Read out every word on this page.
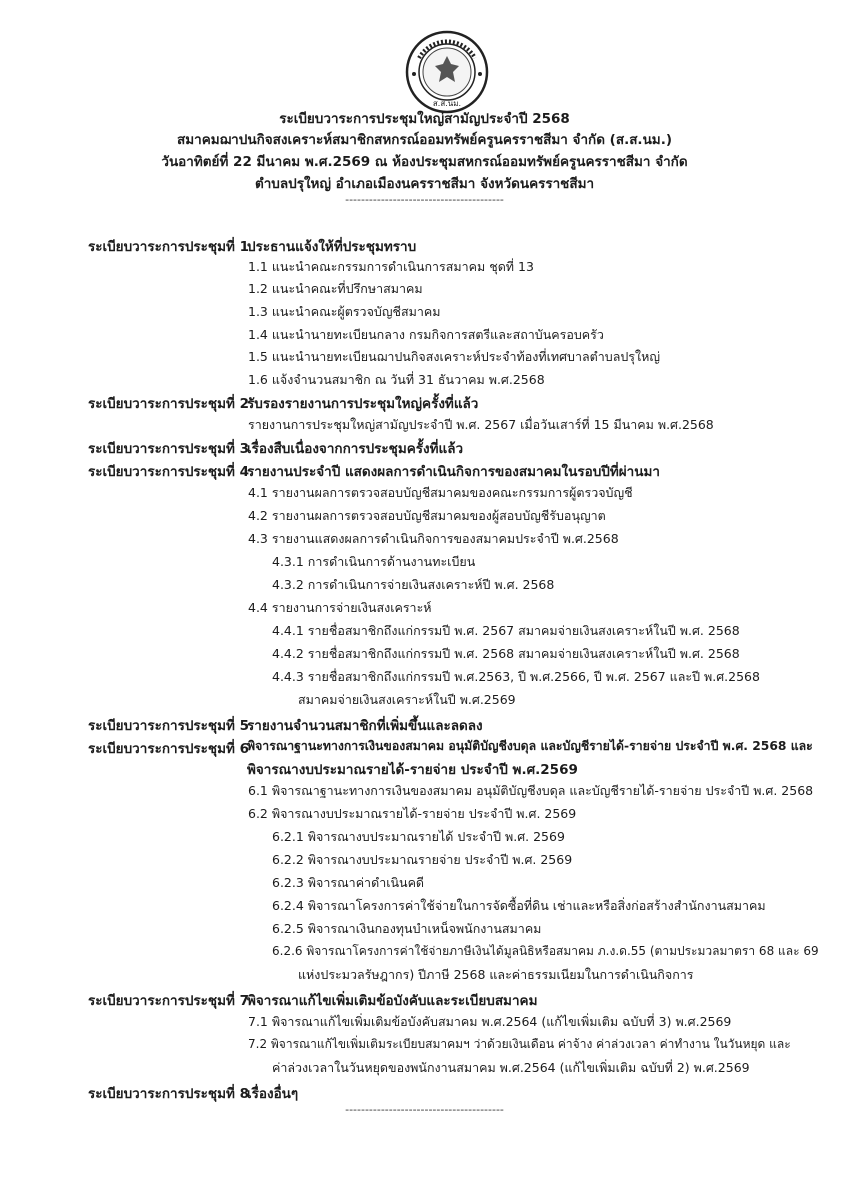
ส.ส.นม.
ระเบียบวาระการประชุมใหญ่สามัญประจำปี 2568
สมาคมฌาปนกิจสงเคราะห์สมาชิกสหกรณ์ออมทรัพย์ครูนครราชสีมา จำกัด (ส.ส.นม.)
วันอาทิตย์ที่ 22 มีนาคม พ.ศ.2569 ณ ห้องประชุมสหกรณ์ออมทรัพย์ครูนครราชสีมา จำกัด
ตำบลปรุใหญ่ อำเภอเมืองนครราชสีมา จังหวัดนครราชสีมา
----------------------------------------
ระเบียบวาระการประชุมที่ 1
ประธานแจ้งให้ที่ประชุมทราบ
1.1 แนะนำคณะกรรมการดำเนินการสมาคม ชุดที่ 13
1.2 แนะนำคณะที่ปรึกษาสมาคม
1.3 แนะนำคณะผู้ตรวจบัญชีสมาคม
1.4 แนะนำนายทะเบียนกลาง กรมกิจการสตรีและสถาบันครอบครัว
1.5 แนะนำนายทะเบียนฌาปนกิจสงเคราะห์ประจำท้องที่เทศบาลตำบลปรุใหญ่
1.6 แจ้งจำนวนสมาชิก ณ วันที่ 31 ธันวาคม พ.ศ.2568
ระเบียบวาระการประชุมที่ 2
รับรองรายงานการประชุมใหญ่ครั้งที่แล้ว
รายงานการประชุมใหญ่สามัญประจำปี พ.ศ. 2567 เมื่อวันเสาร์ที่ 15 มีนาคม พ.ศ.2568
ระเบียบวาระการประชุมที่ 3
เรื่องสืบเนื่องจากการประชุมครั้งที่แล้ว
ระเบียบวาระการประชุมที่ 4
รายงานประจำปี แสดงผลการดำเนินกิจการของสมาคมในรอบปีที่ผ่านมา
4.1 รายงานผลการตรวจสอบบัญชีสมาคมของคณะกรรมการผู้ตรวจบัญชี
4.2 รายงานผลการตรวจสอบบัญชีสมาคมของผู้สอบบัญชีรับอนุญาต
4.3 รายงานแสดงผลการดำเนินกิจการของสมาคมประจำปี พ.ศ.2568
4.3.1 การดำเนินการด้านงานทะเบียน
4.3.2 การดำเนินการจ่ายเงินสงเคราะห์ปี พ.ศ. 2568
4.4 รายงานการจ่ายเงินสงเคราะห์
4.4.1 รายชื่อสมาชิกถึงแก่กรรมปี พ.ศ. 2567 สมาคมจ่ายเงินสงเคราะห์ในปี พ.ศ. 2568
4.4.2 รายชื่อสมาชิกถึงแก่กรรมปี พ.ศ. 2568 สมาคมจ่ายเงินสงเคราะห์ในปี พ.ศ. 2568
4.4.3 รายชื่อสมาชิกถึงแก่กรรมปี พ.ศ.2563, ปี พ.ศ.2566, ปี พ.ศ. 2567 และปี พ.ศ.2568
สมาคมจ่ายเงินสงเคราะห์ในปี พ.ศ.2569
ระเบียบวาระการประชุมที่ 5
รายงานจำนวนสมาชิกที่เพิ่มขึ้นและลดลง
ระเบียบวาระการประชุมที่ 6
พิจารณาฐานะทางการเงินของสมาคม อนุมัติบัญชีงบดุล และบัญชีรายได้-รายจ่าย ประจำปี พ.ศ. 2568 และ
พิจารณางบประมาณรายได้-รายจ่าย ประจำปี พ.ศ.2569
6.1 พิจารณาฐานะทางการเงินของสมาคม อนุมัติบัญชีงบดุล และบัญชีรายได้-รายจ่าย ประจำปี พ.ศ. 2568
6.2 พิจารณางบประมาณรายได้-รายจ่าย ประจำปี พ.ศ. 2569
6.2.1 พิจารณางบประมาณรายได้ ประจำปี พ.ศ. 2569
6.2.2 พิจารณางบประมาณรายจ่าย ประจำปี พ.ศ. 2569
6.2.3 พิจารณาค่าดำเนินคดี
6.2.4 พิจารณาโครงการค่าใช้จ่ายในการจัดซื้อที่ดิน เช่าและหรือสิ่งก่อสร้างสำนักงานสมาคม
6.2.5 พิจารณาเงินกองทุนบำเหน็จพนักงานสมาคม
6.2.6 พิจารณาโครงการค่าใช้จ่ายภาษีเงินได้มูลนิธิหรือสมาคม ภ.ง.ด.55 (ตามประมวลมาตรา 68 และ 69
แห่งประมวลรัษฎากร) ปีภาษี 2568 และค่าธรรมเนียมในการดำเนินกิจการ
ระเบียบวาระการประชุมที่ 7
พิจารณาแก้ไขเพิ่มเติมข้อบังคับและระเบียบสมาคม
7.1 พิจารณาแก้ไขเพิ่มเติมข้อบังคับสมาคม พ.ศ.2564 (แก้ไขเพิ่มเติม ฉบับที่ 3) พ.ศ.2569
7.2 พิจารณาแก้ไขเพิ่มเติมระเบียบสมาคมฯ ว่าด้วยเงินเดือน ค่าจ้าง ค่าล่วงเวลา ค่าทำงาน ในวันหยุด และ
ค่าล่วงเวลาในวันหยุดของพนักงานสมาคม พ.ศ.2564 (แก้ไขเพิ่มเติม ฉบับที่ 2) พ.ศ.2569
ระเบียบวาระการประชุมที่ 8
เรื่องอื่นๆ
----------------------------------------
